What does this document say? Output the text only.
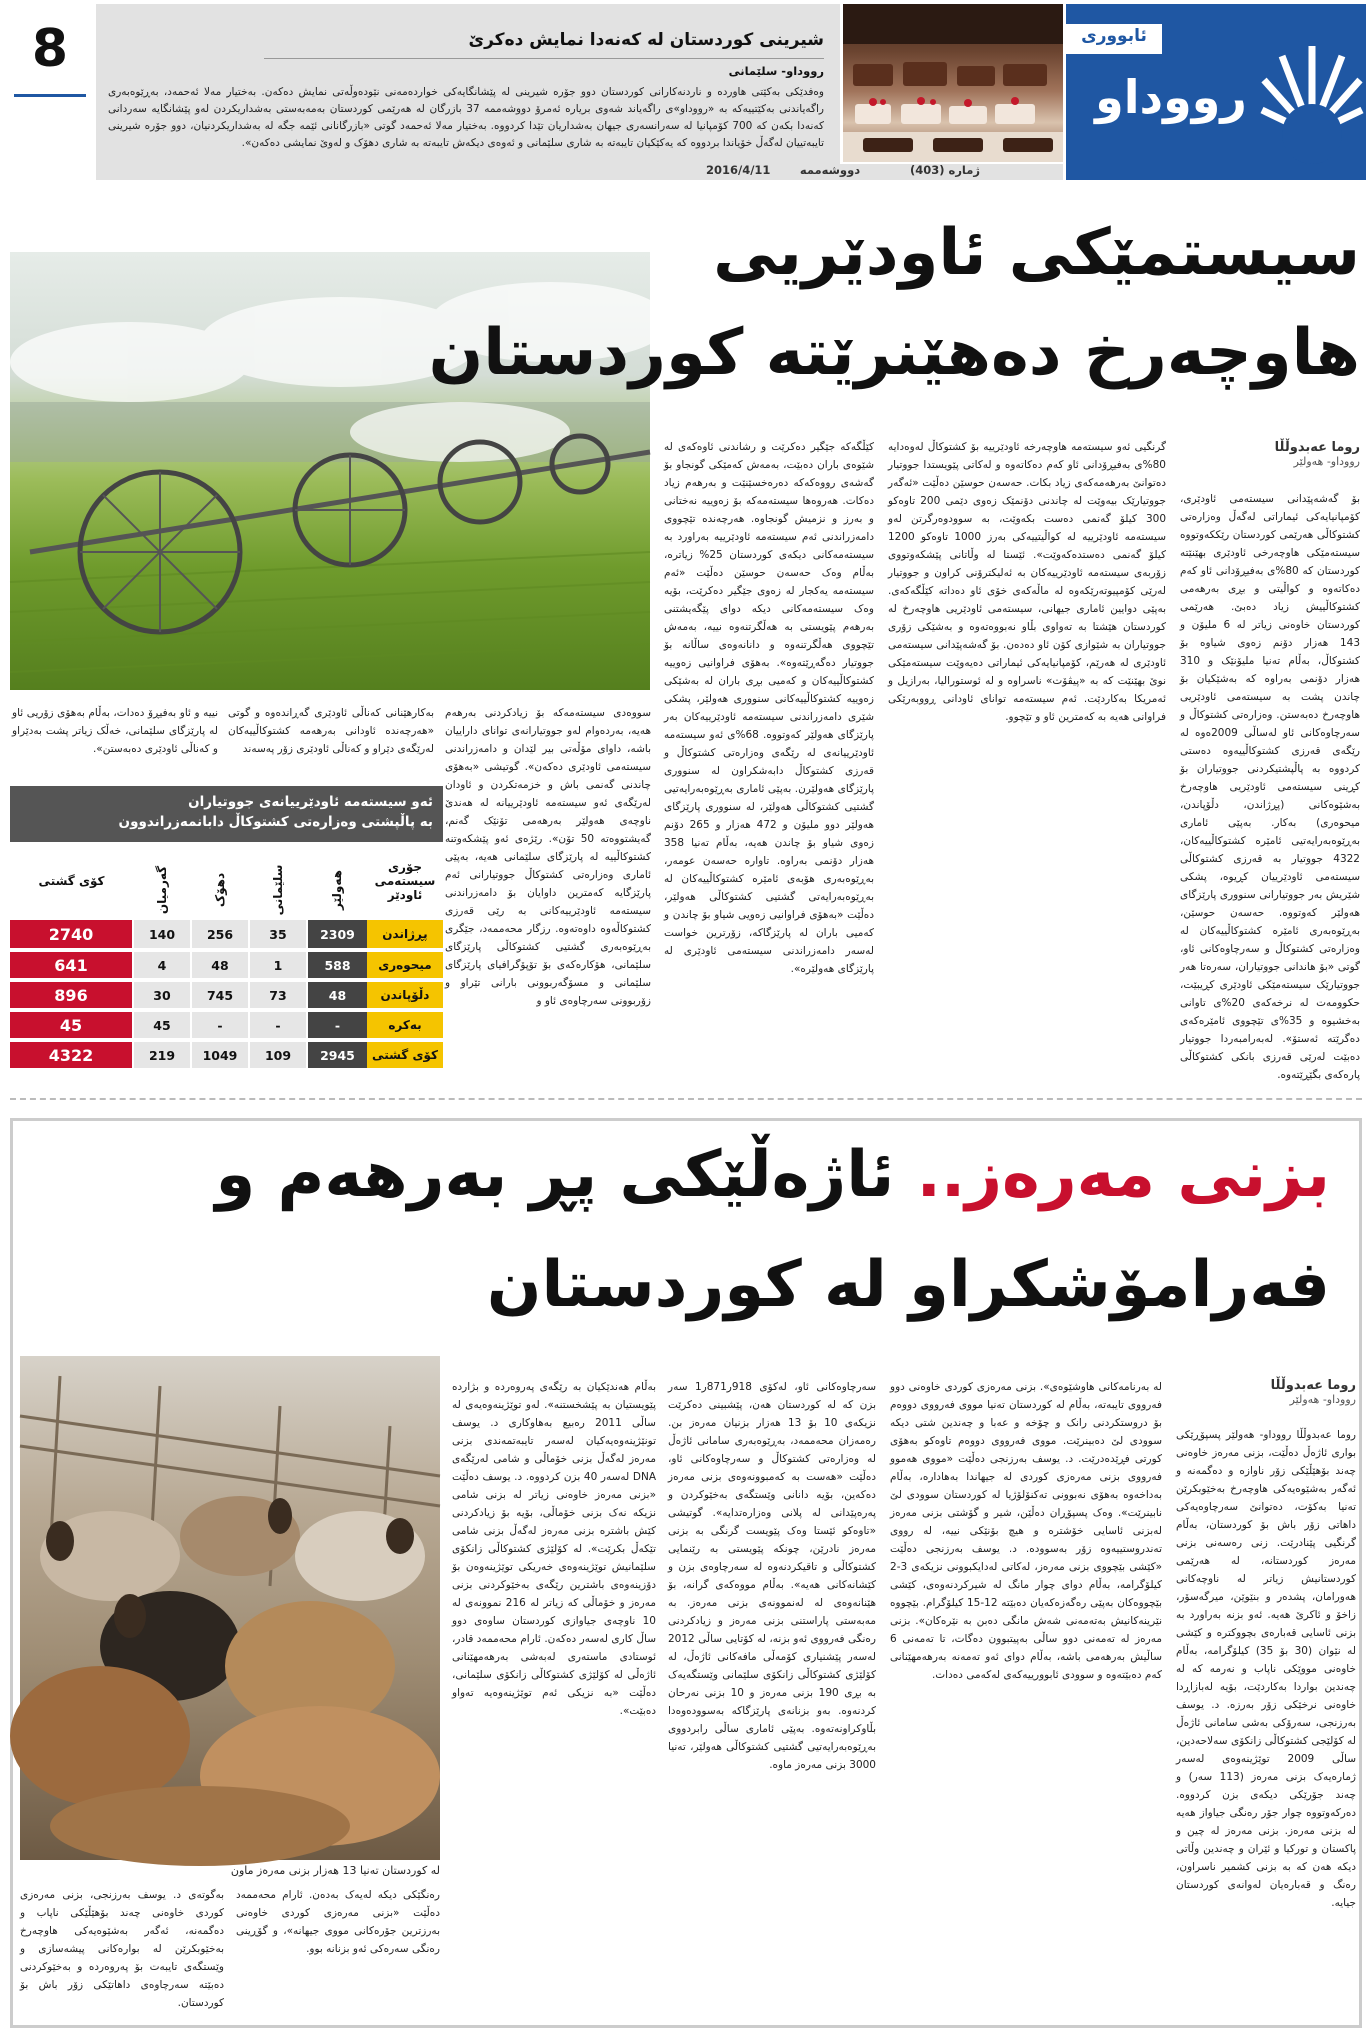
8	شیرینی کوردستان لە کەنەدا نمایش دەکرێ
رووداو- سلێمانی
وەفدێکی بەکێتی هاوردە و ناردنەکارانی کوردستان دوو جۆرە شیرینی لە پێشانگایەکی خواردەمەنی نێودەوڵەتی نمایش دەکەن. بەختیار مەلا ئەحمەد، بەڕێوەبەری راگەیاندنی بەکێتییەکە بە «رووداو»ی راگەیاند شەوی بریارە ئەمرۆ دووشەممە 37 بازرگان لە هەرێمی کوردستان بەمەبەستی بەشداریکردن لەو پێشانگایە سەردانی کەنەدا بکەن کە 700 کۆمپانیا لە سەرانسەری جیهان بەشداریان تێدا کردووە. بەختیار مەلا ئەحمەد گوتی «بازرگانانی ئێمە جگە لە بەشداریکردنیان، دوو جۆرە شیرینی تایبەتییان لەگەڵ خۆیاندا بردووە کە یەکێکیان تایبەتە بە شاری سلێمانی و ئەوەی دیکەش تایبەتە بە شاری دهۆک و لەوێ نمایشی دەکەن».
2016/4/11	دووشەممە	ژمارە (403)
ئابووری
رووداو
سیستمێکی ئاودێریی
هاوچەرخ دەهێنرێتە کوردستان
روما عەبدوڵڵا
رووداو- هەولێر
بۆ گەشەپێدانی سیستەمی ئاودێری، کۆمپانیایەکی ئیماراتی لەگەڵ وەزارەتی کشتوکاڵی هەرێمی کوردستان رێککەوتووە سیستەمێکی هاوچەرخی ئاودێری بهێنێتە کوردستان کە 80%ی بەفیڕۆدانی ئاو کەم دەکاتەوە و کواڵیتی و بڕی بەرهەمی کشتوکاڵییش زیاد دەبێ. هەرێمی کوردستان خاوەنی زیاتر لە 6 ملیۆن و 143 هەزار دۆنم زەوی شیاوە بۆ کشتوکاڵ، بەڵام تەنیا ملیۆنێک و 310 هەزار دۆنمی بەراوە کە بەشێکیان بۆ چاندن پشت بە سیستەمی ئاودێریی هاوچەرخ دەبەستن. وەزارەتی کشتوکاڵ و سەرچاوەکانی ئاو لەساڵی 2009ەوە لە رێگەی قەرزی کشتوکاڵییەوە دەستی کردووە بە پاڵپشتیکردنی جووتیاران بۆ کڕینی سیستەمی ئاودێریی هاوچەرخ بەشێوەکانی (پڕژاندن، دڵۆپاندن، میحوەری) بەکار. بەپێی ئاماری بەڕێوەبەرایەتیی ئامێرە کشتوکاڵییەکان، 4322 جووتیار بە قەرزی کشتوکاڵی سیستەمی ئاودێرییان کڕیوە، پشکی شێریش بەر جووتیارانی سنووری پارێزگای هەولێر کەوتووە. حەسەن حوسێن، بەڕێوەبەری ئامێرە کشتوکاڵییەکان لە وەزارەتی کشتوکاڵ و سەرچاوەکانی ئاو، گوتی «بۆ هاندانی جووتیاران، سەرەتا هەر جووتیارێک سیستەمێکی ئاودێری کڕیبێت، حکوومەت لە نرخەکەی 20%ی تاوانی بەخشیوە و 35%ی تێچووی ئامێرەکەی دەگرێتە ئەستۆ». لەبەرامبەردا جووتیار دەبێت لەرێی قەرزی بانکی کشتوکاڵی پارەکەی بگێڕێتەوە.
گرنگیی ئەو سیستەمە هاوچەرخە ئاودێرییە بۆ کشتوکاڵ لەوەدایە 80%ی بەفیڕۆدانی ئاو کەم دەکاتەوە و لەکاتی پێویستدا جووتیار دەتوانێ بەرهەمەکەی زیاد بکات. حەسەن حوسێن دەڵێت «ئەگەر جووتیارێک بیەوێت لە چاندنی دۆنمێک زەوی دێمی 200 تاوەکو 300 کیلۆ گەنمی دەست بکەوێت، بە سوودوەرگرتن لەو سیستەمە ئاودێرییە لە کواڵیتییەکی بەرز 1000 تاوەکو 1200 کیلۆ گەنمی دەستدەکەوێت». ئێستا لە وڵاتانی پێشکەوتووی زۆربەی سیستەمە ئاودێرییەکان بە ئەلیکترۆنی کراون و جووتیار لەرێی کۆمپیوتەرێکەوە لە ماڵەکەی خۆی ئاو دەداتە کێڵگەکەی. بەپێی دوایین ئاماری جیهانی، سیستەمی ئاودێریی هاوچەرخ لە کوردستان هێشتا بە تەواوی بڵاو نەبووەتەوە و بەشێکی زۆری جووتیاران بە شێوازی کۆن ئاو دەدەن. بۆ گەشەپێدانی سیستەمی ئاودێری لە هەرێم، کۆمپانیایەکی ئیماراتی دەیەوێت سیستەمێکی نوێ بهێنێت کە بە «پیڤۆت» ناسراوە و لە ئوستورالیا، بەرازیل و ئەمریکا بەکاردێت. ئەم سیستەمە توانای ئاودانی ڕووبەرێکی فراوانی هەیە بە کەمترین ئاو و تێچوو.
کێڵگەکە جێگیر دەکرێت و رشاندنی ئاوەکەی لە شێوەی باران دەبێت، بەمەش کەمێکی گونجاو بۆ گەشەی رووەکەکە دەرەخسێنێت و بەرهەم زیاد دەکات. هەروەها سیستەمەکە بۆ زەوییە نەختانی و بەرز و نزمیش گونجاوە. هەرچەندە تێچووی دامەزراندنی ئەم سیستەمە ئاودێرییە بەراورد بە سیستەمەکانی دیکەی کوردستان 25% زیاترە، بەڵام وەک حەسەن حوسێن دەڵێت «ئەم سیستەمە یەکجار لە زەوی جێگیر دەکرێت، بۆیە وەک سیستەمەکانی دیکە دوای پێگەیشتنی بەرهەم پێویستی بە هەڵگرتنەوە نییە، بەمەش تێچووی هەڵگرتنەوە و دانانەوەی ساڵانە بۆ جووتیار دەگەڕێتەوە». بەهۆی فراوانیی زەوییە کشتوکاڵییەکان و کەمیی بڕی باران لە بەشێکی زەوییە کشتوکاڵییەکانی سنووری هەولێر، پشکی شێری دامەزراندنی سیستەمە ئاودێرییەکان بەر پارێزگای هەولێر کەوتووە. 68%ی ئەو سیستەمە ئاودێرییانەی لە رێگەی وەزارەتی کشتوکاڵ و قەرزی کشتوکاڵ دابەشکراون لە سنووری پارێزگای هەولێرن. بەپێی ئاماری بەڕێوەبەرایەتیی گشتیی کشتوکاڵی هەولێر، لە سنووری پارێزگای هەولێر دوو ملیۆن و 472 هەزار و 265 دۆنم زەوی شیاو بۆ چاندن هەیە، بەڵام تەنیا 358 هەزار دۆنمی بەراوە. تاوارە حەسەن عومەر، بەڕێوەبەری هۆبەی ئامێرە کشتوکاڵییەکان لە بەڕێوەبەرایەتی گشتیی کشتوکاڵی هەولێر، دەڵێت «بەهۆی فراوانیی زەویی شیاو بۆ چاندن و کەمیی باران لە پارێزگاکە، زۆرترین خواست لەسەر دامەزراندنی سیستەمی ئاودێری لە پارێزگای هەولێرە».
سووەدی سیستەمەکە بۆ زیادکردنی بەرهەم هەیە، بەردەوام لەو جووتیارانەی توانای داراییان باشە، داوای مۆڵەتی بیر لێدان و دامەزراندنی سیستەمی ئاودێری دەکەن». گوتیشی «بەهۆی چاندنی گەنمی باش و خزمەتکردن و ئاودان لەرێگەی ئەو سیستەمە ئاودێرییانە لە هەندێ ناوچەی هەولێر بەرهەمی تۆنێک گەنم، گەیشتووەتە 50 تۆن». رێژەی ئەو پێشکەوتنە کشتوکاڵییە لە پارێزگای سلێمانی هەیە، بەپێی ئاماری وەزارەتی کشتوکاڵ جووتیارانی ئەم پارێزگایە کەمترین داوایان بۆ دامەزراندنی سیستەمە ئاودێرییەکانی بە رێی قەرزی کشتوکاڵەوە داوەتەوە. رزگار محەممەد، جێگری بەڕێوەبەری گشتیی کشتوکاڵی پارێزگای سلێمانی، هۆکارەکەی بۆ تۆپۆگرافیای پارێزگای سلێمانی و مسۆگەربوونی بارانی تێراو و زۆربوونی سەرچاوەی ئاو و
بەکارهێنانی کەناڵی ئاودێری گەڕاندەوە و گوتی «هەرچەندە ئاودانی بەرهەمە کشتوکاڵییەکان لەرێگەی دێراو و کەناڵی ئاودێری زۆر پەسەند
نییە و ئاو بەفیڕۆ دەدات، بەڵام بەهۆی زۆریی ئاو لە پارێزگای سلێمانی، خەڵک زیاتر پشت بەدێراو و کەناڵی ئاودێری دەبەستن».
ئەو سیستەمە ئاودێرییانەی جووتیاران
بە پاڵپشتی وەزارەتی کشتوکاڵ دابانمەزراندوون
جۆری سیستەمی ئاودێر	هەولێر	سلێمانی	دهۆک	گەرمیان	کۆی گشتی
پڕژاندن	2309	35	256	140	2740
میحوەری	588	1	48	4	641
دڵۆپاندن	48	73	745	30	896
بەکرە	-	-	-	45	45
کۆی گشتی	2945	109	1049	219	4322
بزنی مەرەز.. ئاژەڵێکی پڕ بەرهەم و
فەرامۆشکراو لە کوردستان
لە کوردستان تەنیا 13 هەزار بزنی مەرەز ماون
روما عەبدوڵڵا
رووداو- هەولێر
روما عەبدوڵڵا رووداو- هەولێر پسپۆڕێکی بواری ئاژەڵ دەڵێت، بزنی مەرەز خاوەنی چەند بۆهێڵێکی زۆر ناوازە و دەگمەنە و ئەگەر بەشێوەیەکی هاوچەرخ بەخێوبکرێن تەنیا بەکۆت، دەتوانێ سەرچاوەیەکی داهاتی زۆر باش بۆ کوردستان، بەڵام گرنگیی پێنادرێت. زنی رەسەنی بزنی مەرەز کوردستانە، لە هەرێمی کوردستانیش زیاتر لە ناوچەکانی هەورامان، پشدەر و بنێوێن، میرگەسۆر، زاخۆ و ئاکرێ هەیە. ئەو بزنە بەراورد بە بزنی ئاسایی قەبارەی بچووکترە و کێشی لە نێوان (30 بۆ 35) کیلۆگرامە، بەڵام خاوەنی مووێکی ناپاب و نەرمە کە لە چەندین بواردا بەکاردێت، بۆیە لەبازاڕدا خاوەنی نرخێکی زۆر بەرزە. د. یوسف بەرزنجی، سەرۆکی بەشی سامانی ئاژەڵ لە کۆلێجی کشتوکاڵی زانکۆی سەلاحەدین، ساڵی 2009 توێژینەوەی لەسەر ژمارەیەک بزنی مەرەز (113 سەر) و چەند جۆرێکی دیکەی بزن کردووە. دەرکەوتووە چوار جۆر رەنگی جیاواز هەیە لە بزنی مەرەز. بزنی مەرەز لە چین و پاکستان و تورکیا و ئێران و چەندین وڵاتی دیکە هەن کە بە بزنی کشمیر ناسراون، رەنگ و قەبارەیان لەوانەی کوردستان جیایە.
لە بەرنامەکانی هاوشێوەی». بزنی مەرەزی کوردی خاوەنی دوو فەرووی تایبەتە، بەڵام لە کوردستان تەنیا مووی فەرووی دووەم بۆ دروستکردنی رانک و چۆخە و عەبا و چەندین شتی دیکە سوودی لێ دەبینرێت. مووی فەرووی دووەم تاوەکو بەهۆی کورتی فڕێدەدرێت. د. یوسف بەرزنجی دەڵێت «مووی هەموو فەرووی بزنی مەرەزی کوردی لە جیهاندا بەهادارە، بەڵام بەداخەوە بەهۆی نەبوونی تەکنۆلۆژیا لە کوردستان سوودی لێ نابینرێت». وەک پسپۆڕان دەڵێن، شیر و گۆشتی بزنی مەرەز لەبزنی ئاسایی خۆشترە و هیچ بۆنێکی نییە، لە رووی تەندروستییەوە زۆر بەسوودە. د. یوسف بەرزنجی دەڵێت «کێشی بێچووی بزنی مەرەز، لەکاتی لەدایکبوونی نزیکەی 3-2 کیلۆگرامە، بەڵام دوای چوار مانگ لە شیرکردنەوەی، کێشی بێچووەکان بەپێی رەگەزەکەیان دەبێتە 12-15 کیلۆگرام. بێچووە نێرینەکانیش بەتەمەنی شەش مانگی دەبن بە نێرەکان». بزنی مەرەز لە تەمەنی دوو ساڵی بەپیتبوون دەگات، تا تەمەنی 6 ساڵیش بەرهەمی باشە، بەڵام دوای ئەو تەمەنە بەرهەمهێنانی کەم دەبێتەوە و سوودی ئابوورییەکەی لەکەمی دەدات.
سەرچاوەکانی ئاو، لەکۆی 918ر871ر1 سەر بزن کە لە کوردستان هەن، پێشبینی دەکرێت نزیکەی 10 بۆ 13 هەزار بزنیان مەرەز بن. رەمەزان محەممەد، بەڕێوەبەری سامانی ئاژەڵ لە وەزارەتی کشتوکاڵ و سەرچاوەکانی ئاو، دەڵێت «هەست بە کەمبوونەوەی بزنی مەرەز دەکەین، بۆیە دانانی وێستگەی بەخێوکردن و پەرەپێدانی لە پلانی وەزارەتدایە». گوتیشی «تاوەکو ئێستا وەک پێویست گرنگی بە بزنی مەرەز نادرێن، چونکە پێویستی بە رێنمایی کشتوکاڵی و تاقیکردنەوە لە سەرچاوەی بزن و کێشانەکانی هەیە». بەڵام مووەکەی گرانە، بۆ هێنانەوەی لە لەنموونەی بزنی مەرەز. بە مەبەستی پاراستنی بزنی مەرەز و زیادکردنی رەنگی فەرووی ئەو بزنە، لە کۆتایی ساڵی 2012 لەسەر پێشنیاری کۆمەڵی مافەکانی ئاژەڵ، لە کۆلێژی کشتوکاڵی زانکۆی سلێمانی وێستگەیەک بە بڕی 190 بزنی مەرەز و 10 بزنی نەرحان کردنەوە. بەو بزنانەی پارێزگاکە بەسوودەوەدا بڵاوکراونەتەوە. بەپێی ئاماری ساڵی رابردووی بەڕێوەبەرایەتیی گشتیی کشتوکاڵی هەولێر، تەنیا 3000 بزنی مەرەز ماوە.
بەڵام هەندێکیان بە رێگەی پەروەردە و بژاردە پێویستیان بە پێشخستنە». لەو توێژینەوەیەی لە ساڵی 2011 رەبیع بەهاوکاری د. یوسف تونێژینەوەیەکیان لەسەر تایبەتمەندی بزنی مەرەز لەگەڵ بزنی خۆماڵی و شامی لەرێگەی DNA لەسەر 40 بزن کردووە. د. یوسف دەڵێت «بزنی مەرەز خاوەنی زیاتر لە بزنی شامی نزیکە نەک بزنی خۆماڵی، بۆیە بۆ زیادکردنی کێش باشترە بزنی مەرەز لەگەڵ بزنی شامی تێکەڵ بکرێت». لە کۆلێژی کشتوکاڵی زانکۆی سلێمانیش توێژینەوەی خەریکی توێژینەوەن بۆ دۆزینەوەی باشترین رێگەی بەخێوکردنی بزنی مەرەز و خۆماڵی کە زیاتر لە 216 نموونەی لە 10 ناوچەی جیاوازی کوردستان ساوەی دوو ساڵ کاری لەسەر دەکەن. ئارام محەممەد قادر، ئوستادی ماستەری لەبەشی بەرهەمهێنانی ئاژەڵی لە کۆلێژی کشتوکاڵی زانکۆی سلێمانی، دەڵێت «بە نزیکی ئەم توێژینەوەیە تەواو دەبێت».
رەنگێکی دیکە لەیەک بەدەن. ئارام محەممەد دەڵێت «بزنی مەرەزی کوردی خاوەنی بەرزترین جۆرەکانی مووی جیهانە»، و گۆڕینی رەنگی سەرەکی ئەو بزنانە بوو.
بەگوتەی د. یوسف بەرزنجی، بزنی مەرەزی کوردی خاوەنی چەند بۆهێڵێکی ناپاب و دەگمەنە، ئەگەر بەشێوەیەکی هاوچەرخ بەخێوبکرێن لە بوارەکانی پیشەسازی و وێستگەی تایبەت بۆ پەروەردە و بەخێوکردنی دەبێتە سەرچاوەی داهاتێکی زۆر باش بۆ کوردستان.
